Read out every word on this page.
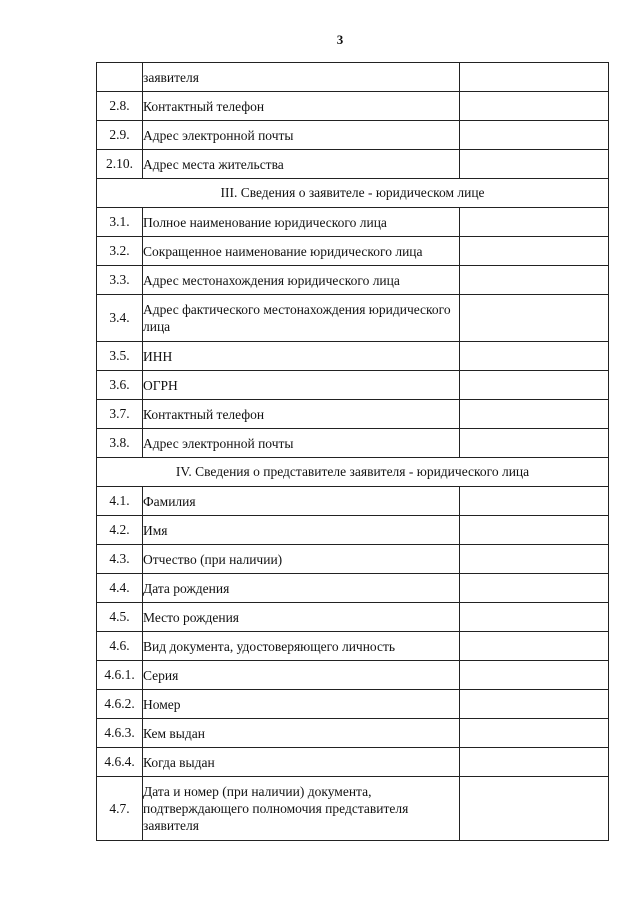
3
	заявителя	
2.8.	Контактный телефон	
2.9.	Адрес электронной почты	
2.10.	Адрес места жительства	
III. Сведения о заявителе - юридическом лице		
3.1.	Полное наименование юридического лица	
3.2.	Сокращенное наименование юридического лица	
3.3.	Адрес местонахождения юридического лица	
3.4.	Адрес фактического местонахождения юридического лица	
3.5.	ИНН	
3.6.	ОГРН	
3.7.	Контактный телефон	
3.8.	Адрес электронной почты	
IV. Сведения о представителе заявителя - юридического лица		
4.1.	Фамилия	
4.2.	Имя	
4.3.	Отчество (при наличии)	
4.4.	Дата рождения	
4.5.	Место рождения	
4.6.	Вид документа, удостоверяющего личность	
4.6.1.	Серия	
4.6.2.	Номер	
4.6.3.	Кем выдан	
4.6.4.	Когда выдан	
4.7.	Дата и номер (при наличии) документа, подтверждающего полномочия представителя заявителя	
